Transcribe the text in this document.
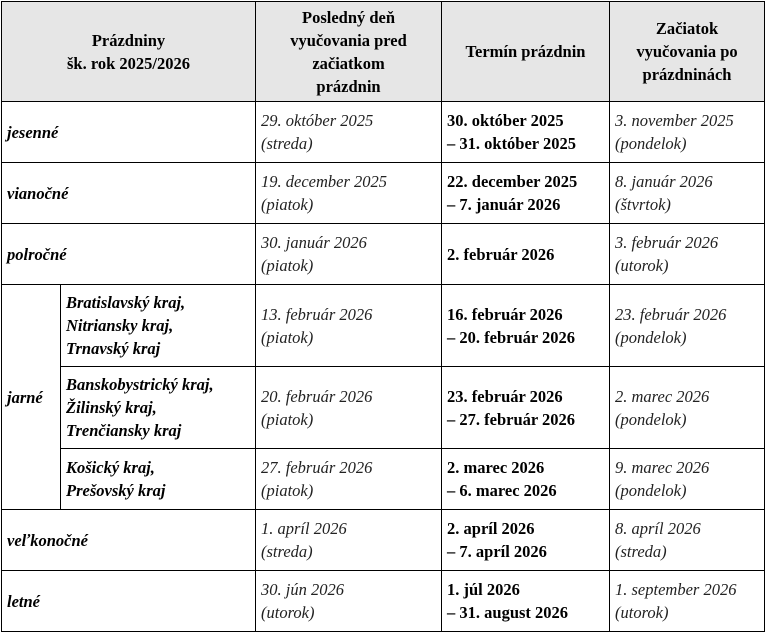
Prázdniny
šk. rok 2025/2026		Posledný deň
vyučovania pred
začiatkom
prázdnin	Termín prázdnin	Začiatok
vyučovania po
prázdninách

jesenné		29. október 2025
(streda)	30. október 2025
– 31. október 2025	3. november 2025
(pondelok)

vianočné		19. december 2025
(piatok)	22. december 2025
– 7. január 2026	8. január 2026
(štvrtok)

polročné		30. január 2026
(piatok)	2. február 2026	3. február 2026
(utorok)

jarné	Bratislavský kraj,
Nitriansky kraj,
Trnavský kraj	13. február 2026
(piatok)	16. február 2026
– 20. február 2026	23. február 2026
(pondelok)

	Banskobystrický kraj,
Žilinský kraj,
Trenčiansky kraj	20. február 2026
(piatok)	23. február 2026
– 27. február 2026	2. marec 2026
(pondelok)

	Košický kraj,
Prešovský kraj	27. február 2026
(piatok)	2. marec 2026
– 6. marec 2026	9. marec 2026
(pondelok)

veľkonočné		1. apríl 2026
(streda)	2. apríl 2026
– 7. apríl 2026	8. apríl 2026
(streda)

letné		30. jún 2026
(utorok)	1. júl 2026
– 31. august 2026	1. september 2026
(utorok)
